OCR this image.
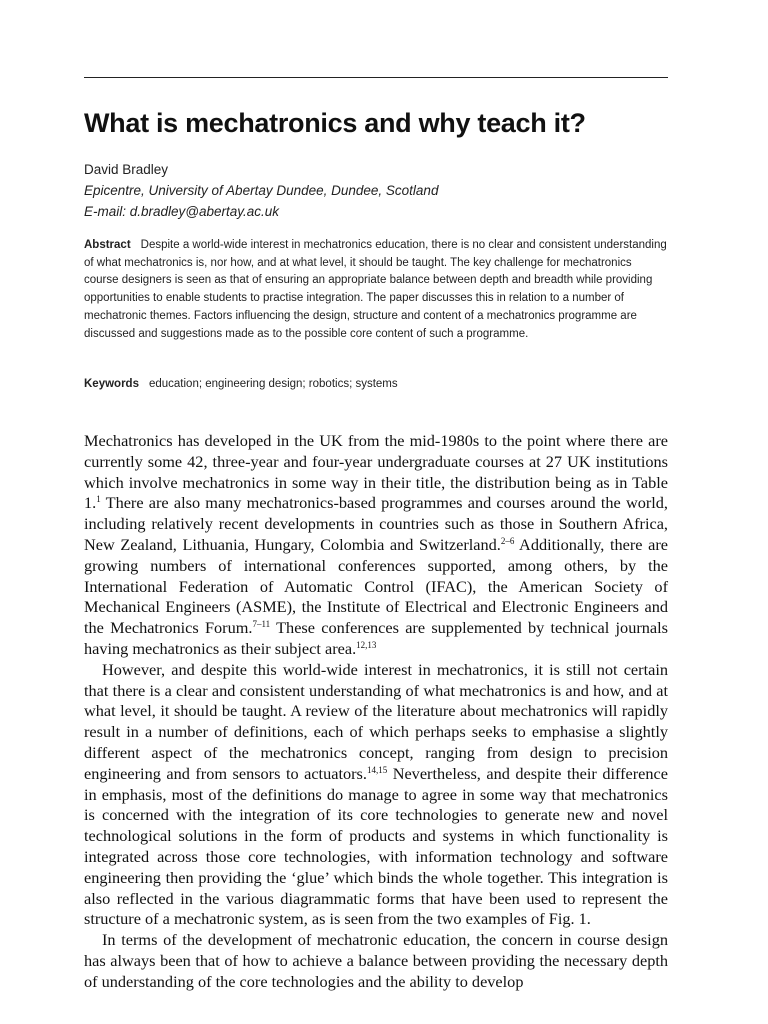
What is mechatronics and why teach it?
David Bradley
Epicentre, University of Abertay Dundee, Dundee, Scotland
E-mail: d.bradley@abertay.ac.uk

Abstract Despite a world-wide interest in mechatronics education, there is no clear and consistent understanding of what mechatronics is, nor how, and at what level, it should be taught. The key challenge for mechatronics course designers is seen as that of ensuring an appropriate balance between depth and breadth while providing opportunities to enable students to practise integration. The paper discusses this in relation to a number of mechatronic themes. Factors influencing the design, structure and content of a mechatronics programme are discussed and suggestions made as to the possible core content of such a programme.

Keywords education; engineering design; robotics; systems

Mechatronics has developed in the UK from the mid-1980s to the point where there are currently some 42, three-year and four-year undergraduate courses at 27 UK institutions which involve mechatronics in some way in their title, the distribution being as in Table 1.$^1$ There are also many mechatronics-based programmes and courses around the world, including relatively recent developments in countries such as those in Southern Africa, New Zealand, Lithuania, Hungary, Colombia and Switzerland.$^{2-6}$ Additionally, there are growing numbers of international conferences supported, among others, by the International Federation of Automatic Control (IFAC), the American Society of Mechanical Engineers (ASME), the Institute of Electrical and Electronic Engineers and the Mechatronics Forum.$^{7-11}$ These conferences are supplemented by technical journals having mechatronics as their subject area.$^{12,13}$

However, and despite this world-wide interest in mechatronics, it is still not certain that there is a clear and consistent understanding of what mechatronics is and how, and at what level, it should be taught. A review of the literature about mechatronics will rapidly result in a number of definitions, each of which perhaps seeks to emphasise a slightly different aspect of the mechatronics concept, ranging from design to precision engineering and from sensors to actuators.$^{14,15}$ Nevertheless, and despite their difference in emphasis, most of the definitions do manage to agree in some way that mechatronics is concerned with the integration of its core technologies to generate new and novel technological solutions in the form of products and systems in which functionality is integrated across those core technologies, with information technology and software engineering then providing the ‘glue’ which binds the whole together. This integration is also reflected in the various diagrammatic forms that have been used to represent the structure of a mechatronic system, as is seen from the two examples of Fig. 1.

In terms of the development of mechatronic education, the concern in course design has always been that of how to achieve a balance between providing the necessary depth of understanding of the core technologies and the ability to develop
